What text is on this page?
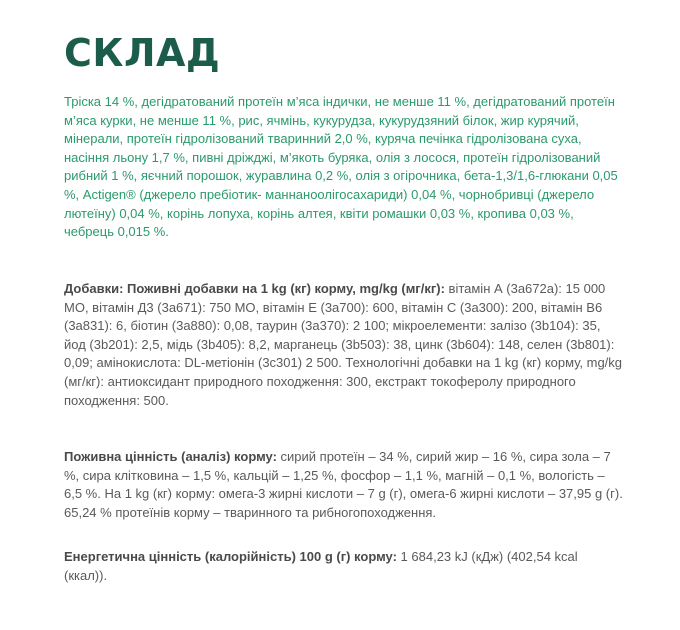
СКЛАД

Тріска 14 %, дегідратований протеїн м’яса індички, не менше 11 %, дегідратований протеїн м’яса курки, не менше 11 %, рис, ячмінь, кукурудза, кукурудзяний білок, жир курячий, мінерали, протеїн гідролізований тваринний 2,0 %, куряча печінка гідролізована суха, насіння льону 1,7 %, пивні дріжджі, м’якоть буряка, олія з лосося, протеїн гідролізований рибний 1 %, яєчний порошок, журавлина 0,2 %, олія з огірочника, бета-1,3/1,6-глюкани 0,05 %, Actigen® (джерело пребіотик- маннаноолігосахариди) 0,04 %, чорнобривці (джерело лютеїну) 0,04 %, корінь лопуха, корінь алтея, квіти ромашки 0,03 %, кропива 0,03 %, чебрець 0,015 %.

Добавки: Поживні добавки на 1 kg (кг) корму, mg/kg (мг/кг): вітамін А (3a672a): 15 000 МО, вітамін Д3 (3a671): 750 МО, вітамін Е (3a700): 600, вітамін С (3a300): 200, вітамін В6 (3a831): 6, біотин (3a880): 0,08, таурин (3a370): 2 100; мікроелементи: залізо (3b104): 35, йод (3b201): 2,5, мідь (3b405): 8,2, марганець (3b503): 38, цинк (3b604): 148, селен (3b801): 0,09; амінокислота: DL-метіонін (3c301) 2 500. Технологічні добавки на 1 kg (кг) корму, mg/kg (мг/кг): антиоксидант природного походження: 300, екстракт токоферолу природного походження: 500.

Поживна цінність (аналіз) корму: сирий протеїн – 34 %, сирий жир – 16 %, сира зола – 7 %, сира клітковина – 1,5 %, кальцій – 1,25 %, фосфор – 1,1 %, магній – 0,1 %, вологість – 6,5 %. На 1 kg (кг) корму: омега-3 жирні кислоти – 7 g (г), омега-6 жирні кислоти – 37,95 g (г). 65,24 % протеїнів корму – тваринного та рибногопоходження.

Енергетична цінність (калорійність) 100 g (г) корму: 1 684,23 kJ (кДж) (402,54 kcal (ккал)).
